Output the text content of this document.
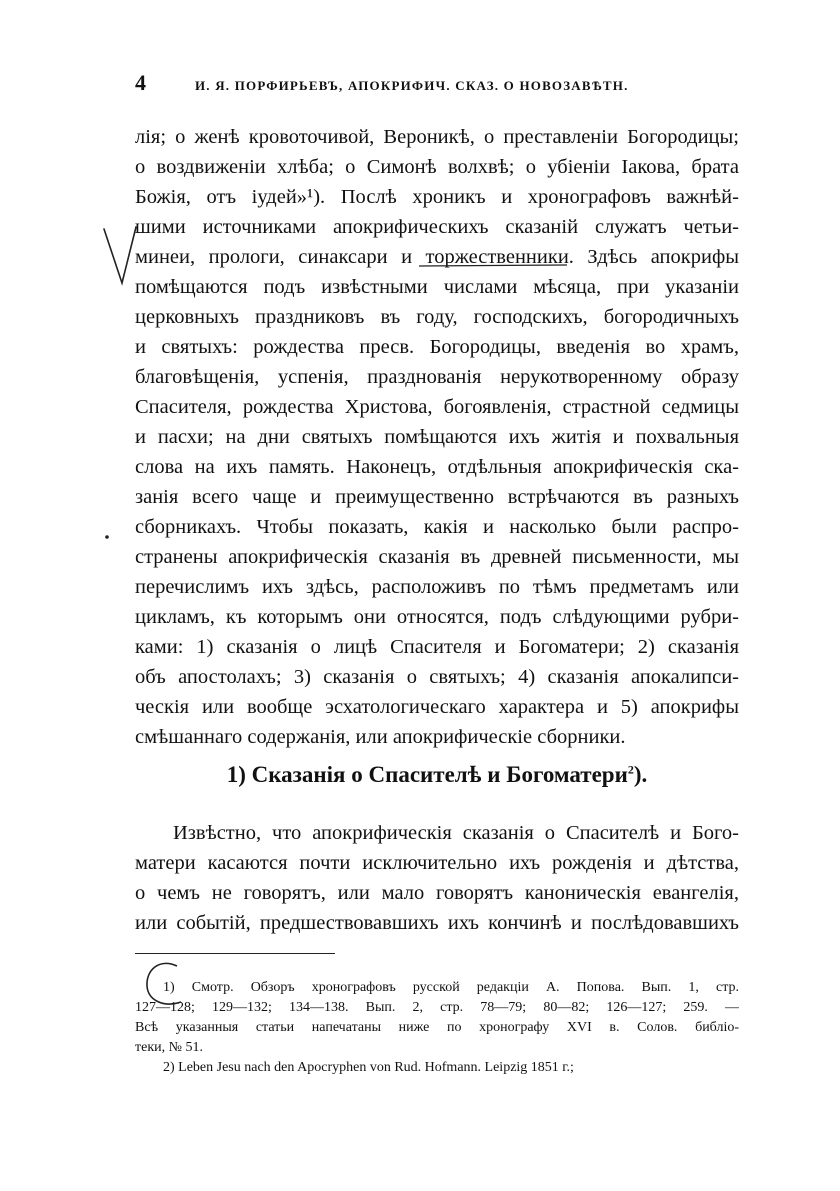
4	И. Я. ПОРФИРЬЕВЪ, АПОКРИФИЧ. СКАЗ. О НОВОЗАВѢТН.
лія; о женѣ кровоточивой, Вероникѣ, о преставленіи Богородицы;
о воздвиженіи хлѣба; о Симонѣ волхвѣ; о убіеніи Іакова, брата
Божія, отъ іудей»¹). Послѣ хроникъ и хронографовъ важнѣй-
шими источниками апокрифическихъ сказаній служатъ четьи-
минеи, прологи, синаксари и торжественники. Здѣсь апокрифы
помѣщаются подъ извѣстными числами мѣсяца, при указаніи
церковныхъ праздниковъ въ году, господскихъ, богородичныхъ
и святыхъ: рождества пресв. Богородицы, введенія во храмъ,
благовѣщенія, успенія, празднованія нерукотворенному образу
Спасителя, рождества Христова, богоявленія, страстной седмицы
и пасхи; на дни святыхъ помѣщаются ихъ житія и похвальныя
слова на ихъ память. Наконецъ, отдѣльныя апокрифическія ска-
занія всего чаще и преимущественно встрѣчаются въ разныхъ
сборникахъ. Чтобы показать, какія и насколько были распро-
странены апокрифическія сказанія въ древней письменности, мы
перечислимъ ихъ здѣсь, расположивъ по тѣмъ предметамъ или
цикламъ, къ которымъ они относятся, подъ слѣдующими рубри-
ками: 1) сказанія о лицѣ Спасителя и Богоматери; 2) сказанія
объ апостолахъ; 3) сказанія о святыхъ; 4) сказанія апокалипси-
ческія или вообще эсхатологическаго характера и 5) апокрифы
смѣшаннаго содержанія, или апокрифическіе сборники.
1) Сказанія о Спасителѣ и Богоматери$^2$).
Извѣстно, что апокрифическія сказанія о Спасителѣ и Бого-
матери касаются почти исключительно ихъ рожденія и дѣтства,
о чемъ не говорятъ, или мало говорятъ каноническія евангелія,
или событій, предшествовавшихъ ихъ кончинѣ и послѣдовавшихъ
1) Смотр. Обзоръ хронографовъ русской редакціи А. Попова. Вып. 1, стр.
127—128; 129—132; 134—138. Вып. 2, стр. 78—79; 80—82; 126—127; 259. —
Всѣ указанныя статьи напечатаны ниже по хронографу XVI в. Солов. библіо-
теки, № 51.
2) Leben Jesu nach den Apocryphen von Rud. Hofmann. Leipzig 1851 г.;
